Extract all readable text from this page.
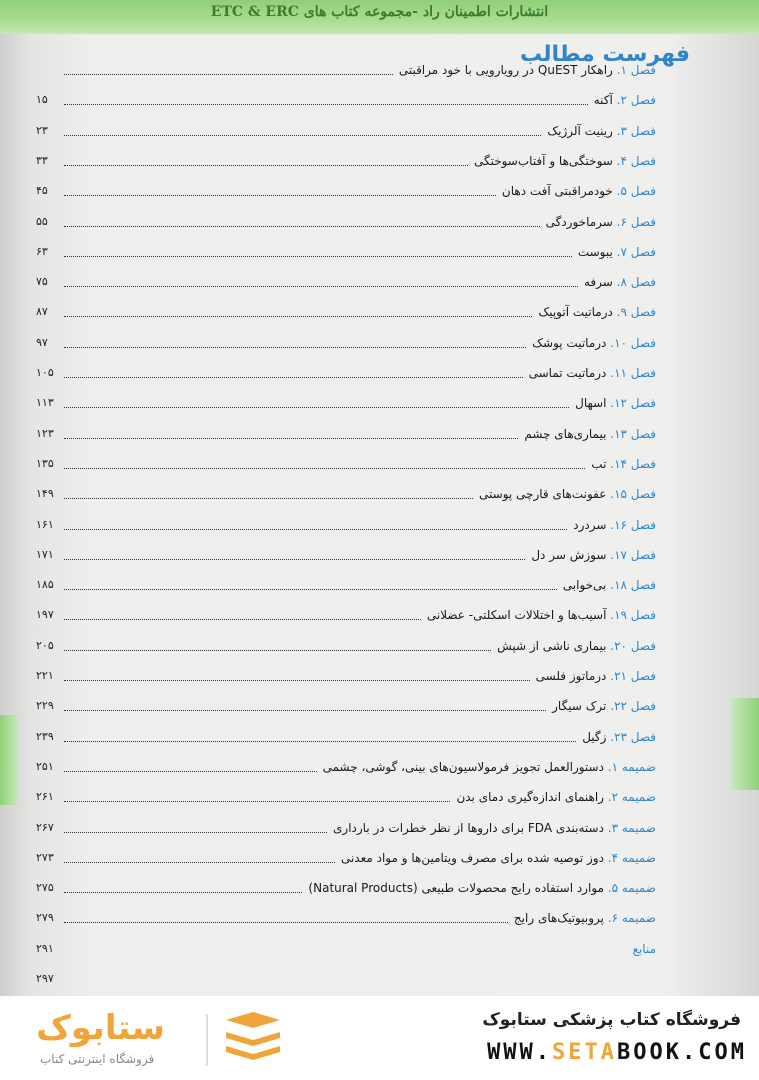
انتشارات اطمینان راد -مجموعه کتاب های ETC & ERC
فهرست مطالب
فصل ۱. راهکار QuEST در رویارویی با خود مراقبتی
۱۵	فصل ۲. آکنه
۲۳	فصل ۳. رینیت آلرژیک
۳۳	فصل ۴. سوختگی‌ها و آفتاب‌سوختگی
۴۵	فصل ۵. خودمراقبتی آفت دهان
۵۵	فصل ۶. سرماخوردگی
۶۳	فصل ۷. یبوست
۷۵	فصل ۸. سرفه
۸۷	فصل ۹. درماتیت آتوپیک
۹۷	فصل ۱۰. درماتیت پوشک
۱۰۵	فصل ۱۱. درماتیت تماسی
۱۱۳	فصل ۱۲. اسهال
۱۲۳	فصل ۱۳. بیماری‌های چشم
۱۳۵	فصل ۱۴. تب
۱۴۹	فصل ۱۵. عفونت‌های قارچی پوستی
۱۶۱	فصل ۱۶. سردرد
۱۷۱	فصل ۱۷. سوزش سر دل
۱۸۵	فصل ۱۸. بی‌خوابی
۱۹۷	فصل ۱۹. آسیب‌ها و اختلالات اسکلتی- عضلانی
۲۰۵	فصل ۲۰. بیماری ناشی از شپش
۲۲۱	فصل ۲۱. درماتوز فلسی
۲۲۹	فصل ۲۲. ترک سیگار
۲۳۹	فصل ۲۳. زگیل
۲۵۱	ضمیمه ۱. دستورالعمل تجویز فرمولاسیون‌های بینی، گوشی، چشمی
۲۶۱	ضمیمه ۲. راهنمای اندازه‌گیری دمای بدن
۲۶۷	ضمیمه ۳. دسته‌بندی FDA برای داروها از نظر خطرات در بارداری
۲۷۳	ضمیمه ۴. دوز توصیه شده برای مصرف ویتامین‌ها و مواد معدنی
۲۷۵	ضمیمه ۵. موارد استفاده رایج محصولات طبیعی (Natural Products)
۲۷۹	ضمیمه ۶. پروبیوتیک‌های رایج
۲۹۱	منابع
۲۹۷
ستابوک
فروشگاه اینترنتی کتاب
فروشگاه کتاب پزشکی ستابوک
WWW.SETABOOK.COM
